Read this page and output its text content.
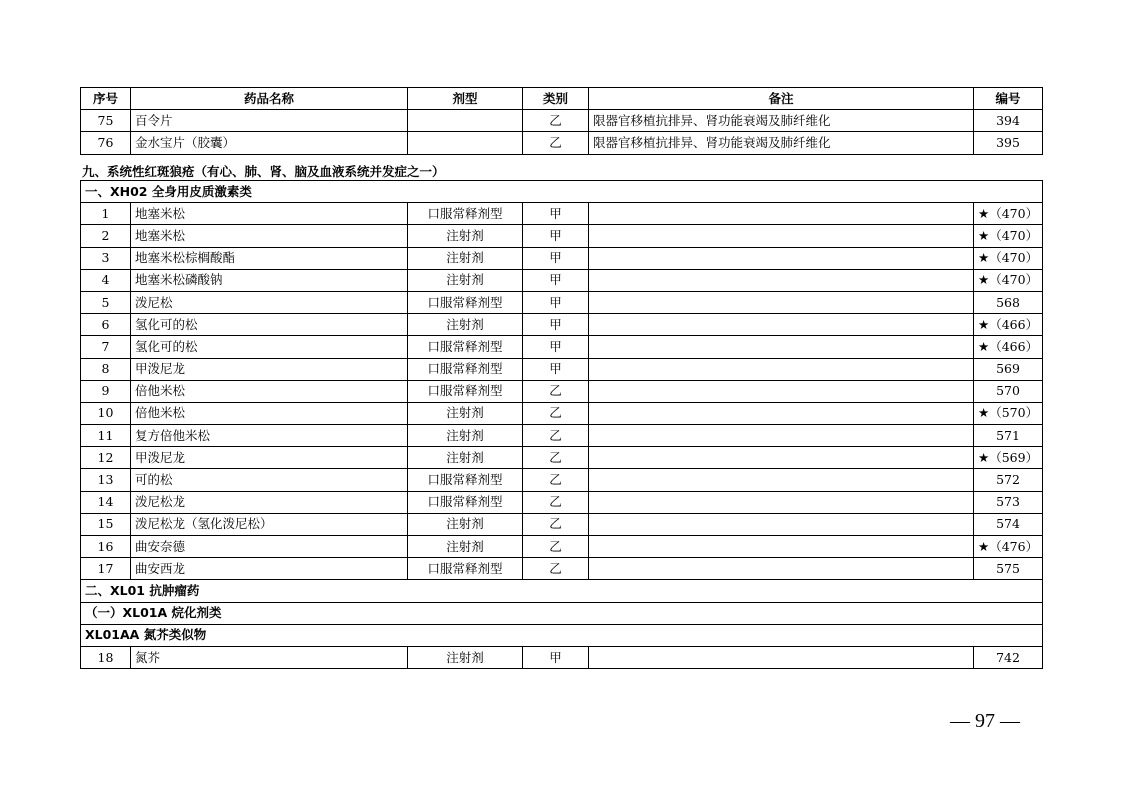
序号	药品名称	剂型	类别	备注	编号
75	百令片		乙	限器官移植抗排异、肾功能衰竭及肺纤维化	394
76	金水宝片（胶囊）		乙	限器官移植抗排异、肾功能衰竭及肺纤维化	395
九、系统性红斑狼疮（有心、肺、肾、脑及血液系统并发症之一）
一、XH02 全身用皮质激素类					
1	地塞米松	口服常释剂型	甲		★（470）
2	地塞米松	注射剂	甲		★（470）
3	地塞米松棕榈酸酯	注射剂	甲		★（470）
4	地塞米松磷酸钠	注射剂	甲		★（470）
5	泼尼松	口服常释剂型	甲		568
6	氢化可的松	注射剂	甲		★（466）
7	氢化可的松	口服常释剂型	甲		★（466）
8	甲泼尼龙	口服常释剂型	甲		569
9	倍他米松	口服常释剂型	乙		570
10	倍他米松	注射剂	乙		★（570）
11	复方倍他米松	注射剂	乙		571
12	甲泼尼龙	注射剂	乙		★（569）
13	可的松	口服常释剂型	乙		572
14	泼尼松龙	口服常释剂型	乙		573
15	泼尼松龙（氢化泼尼松）	注射剂	乙		574
16	曲安奈德	注射剂	乙		★（476）
17	曲安西龙	口服常释剂型	乙		575
二、XL01 抗肿瘤药					
（一）XL01A 烷化剂类					
XL01AA 氮芥类似物					
18	氮芥	注射剂	甲		742
— 97 —
